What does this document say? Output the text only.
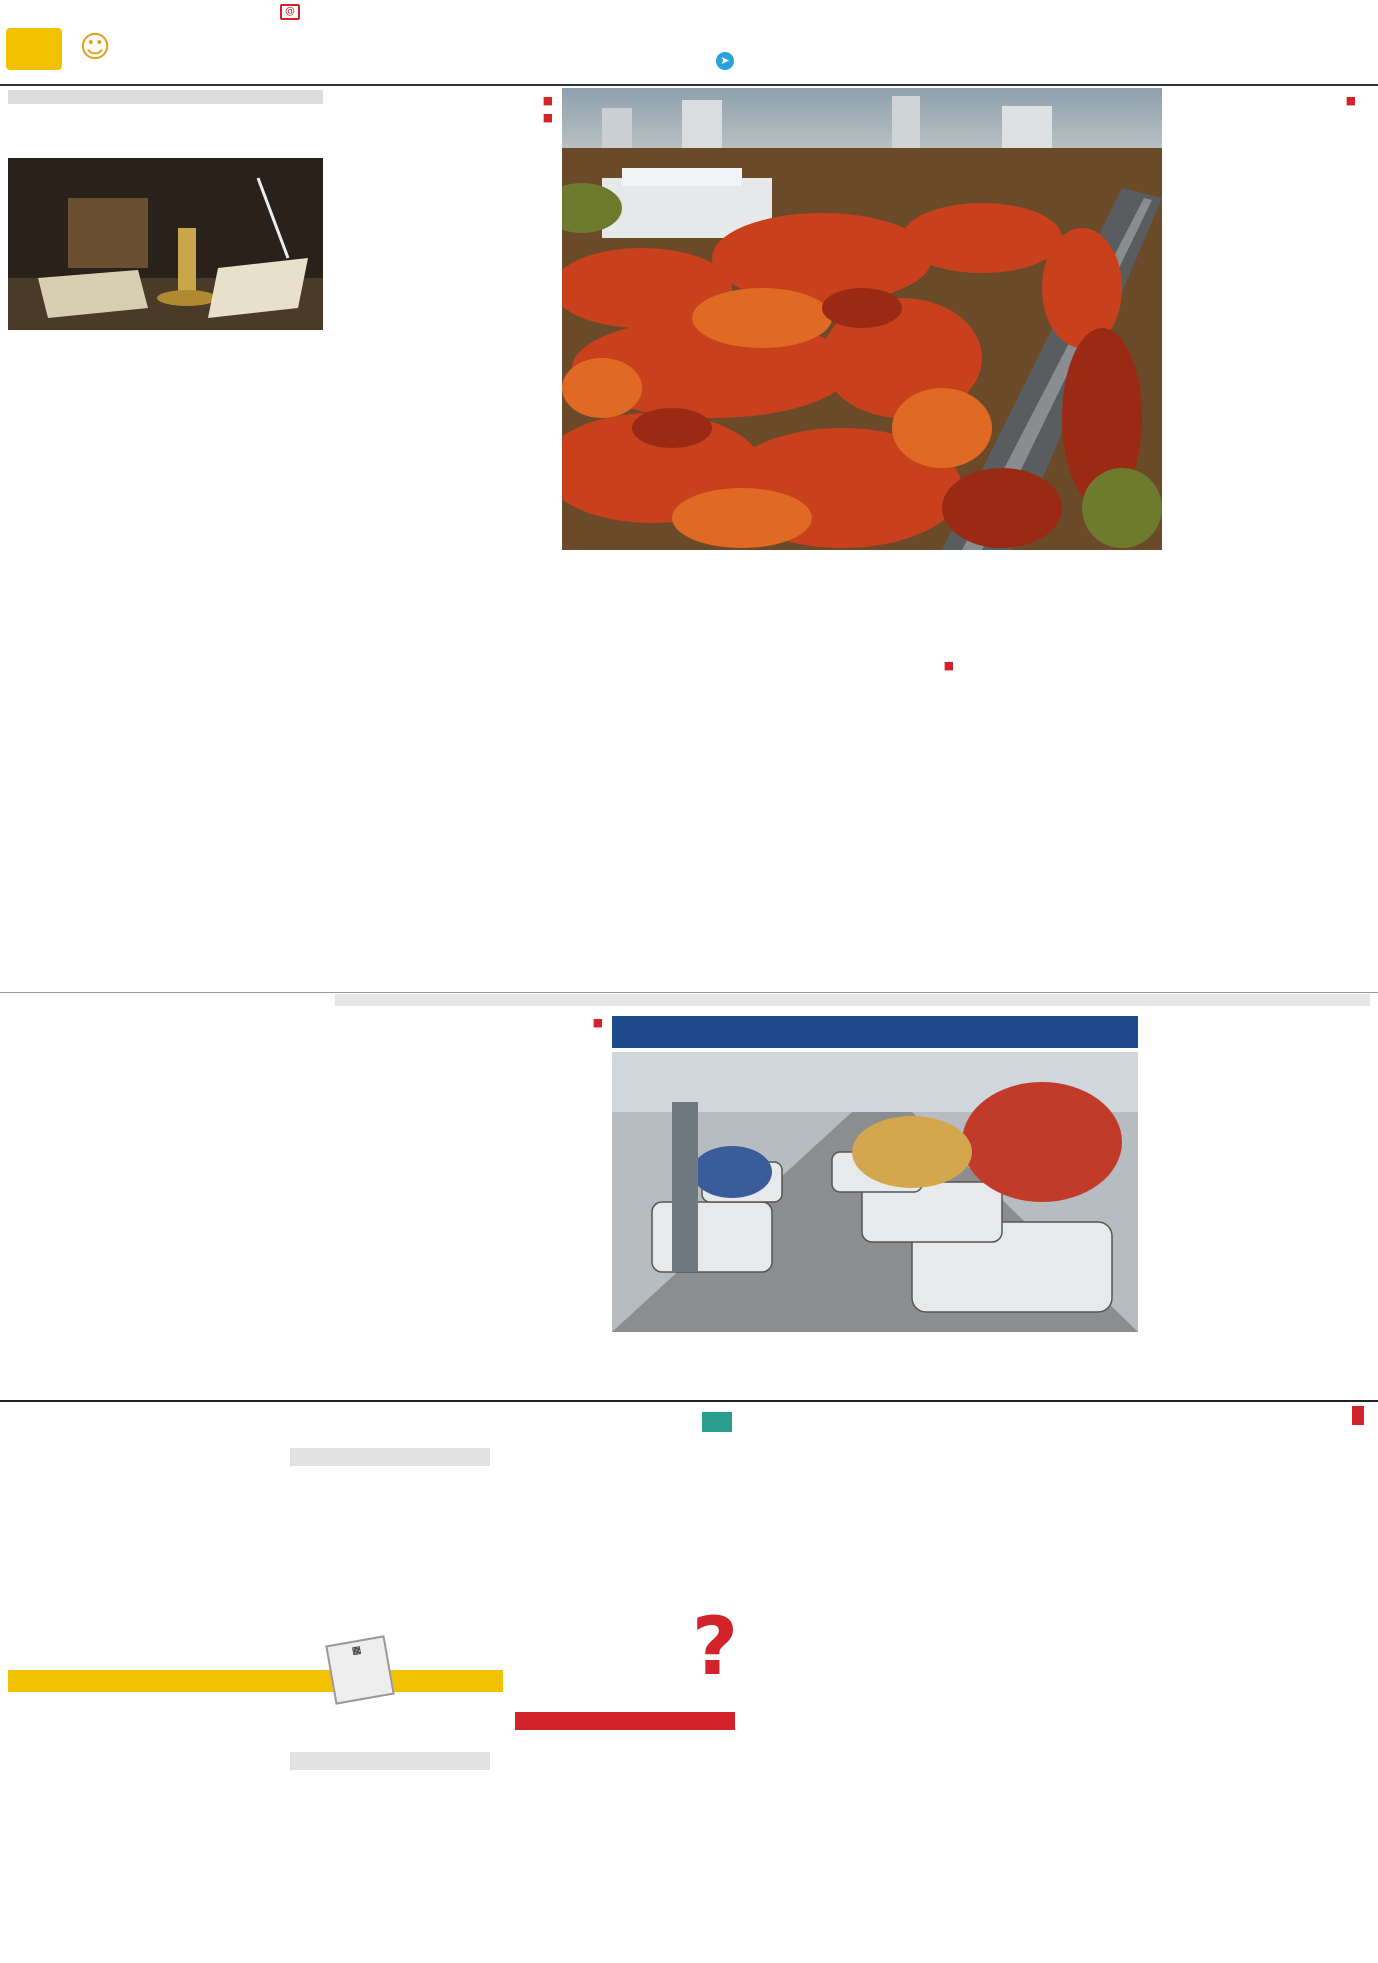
➤
@
☺

■

■

■

■

■

?
▦
